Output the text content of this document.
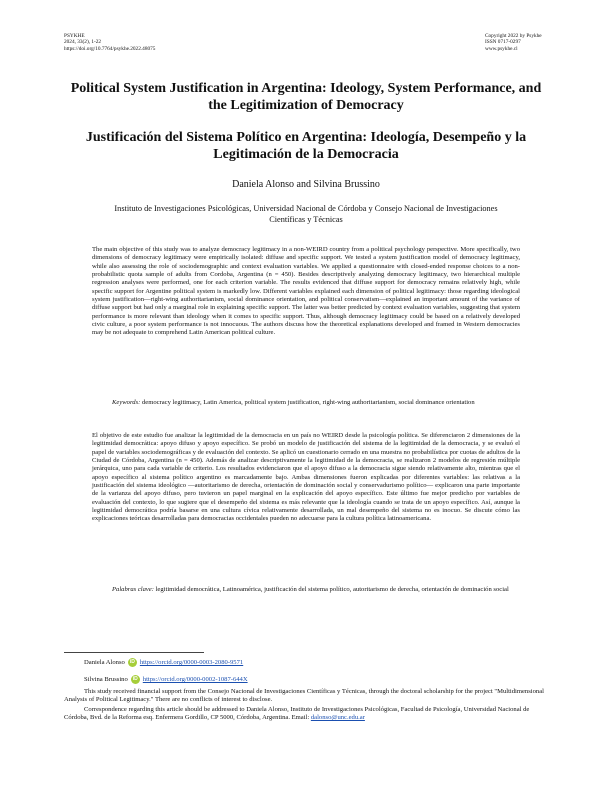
PSYKHE
2024, 33(2), 1-22
https://doi.org/10.7764/psykhe.2022.48075
Copyright 2022 by Psykhe
ISSN 0717-0297
www.psykhe.cl
Political System Justification in Argentina: Ideology, System Performance, and the Legitimization of Democracy
Justificación del Sistema Político en Argentina: Ideología, Desempeño y la Legitimación de la Democracia
Daniela Alonso and Silvina Brussino
Instituto de Investigaciones Psicológicas, Universidad Nacional de Córdoba y Consejo Nacional de Investigaciones Científicas y Técnicas

The main objective of this study was to analyze democracy legitimacy in a non-WEIRD country from a political psychology perspective. More specifically, two dimensions of democracy legitimacy were empirically isolated: diffuse and specific support. We tested a system justification model of democracy legitimacy, while also assessing the role of sociodemographic and context evaluation variables. We applied a questionnaire with closed-ended response choices to a non-probabilistic quota sample of adults from Cordoba, Argentina (n = 450). Besides descriptively analyzing democracy legitimacy, two hierarchical multiple regression analyses were performed, one for each criterion variable. The results evidenced that diffuse support for democracy remains relatively high, while specific support for Argentine political system is markedly low. Different variables explained each dimension of political legitimacy: those regarding ideological system justification—right-wing authoritarianism, social dominance orientation, and political conservatism—explained an important amount of the variance of diffuse support but had only a marginal role in explaining specific support. The latter was better predicted by context evaluation variables, suggesting that system performance is more relevant than ideology when it comes to specific support. Thus, although democracy legitimacy could be based on a relatively developed civic culture, a poor system performance is not innocuous. The authors discuss how the theoretical explanations developed and framed in Western democracies may be not adequate to comprehend Latin American political culture.

Keywords: democracy legitimacy, Latin America, political system justification, right-wing authoritarianism, social dominance orientation

El objetivo de este estudio fue analizar la legitimidad de la democracia en un país no WEIRD desde la psicología política. Se diferenciaron 2 dimensiones de la legitimidad democrática: apoyo difuso y apoyo específico. Se probó un modelo de justificación del sistema de la legitimidad de la democracia, y se evaluó el papel de variables sociodemográficas y de evaluación del contexto. Se aplicó un cuestionario cerrado en una muestra no probabilística por cuotas de adultos de la Ciudad de Córdoba, Argentina (n = 450). Además de analizar descriptivamente la legitimidad de la democracia, se realizaron 2 modelos de regresión múltiple jerárquica, uno para cada variable de criterio. Los resultados evidenciaron que el apoyo difuso a la democracia sigue siendo relativamente alto, mientras que el apoyo específico al sistema político argentino es marcadamente bajo. Ambas dimensiones fueron explicadas por diferentes variables: las relativas a la justificación del sistema ideológico —autoritarismo de derecha, orientación de dominación social y conservadurismo político— explicaron una parte importante de la varianza del apoyo difuso, pero tuvieron un papel marginal en la explicación del apoyo específico. Este último fue mejor predicho por variables de evaluación del contexto, lo que sugiere que el desempeño del sistema es más relevante que la ideología cuando se trata de un apoyo específico. Así, aunque la legitimidad democrática podría basarse en una cultura cívica relativamente desarrollada, un mal desempeño del sistema no es inocuo. Se discute cómo las explicaciones teóricas desarrolladas para democracias occidentales pueden no adecuarse para la cultura política latinoamericana.

Palabras clave: legitimidad democrática, Latinoamérica, justificación del sistema político, autoritarismo de derecha, orientación de dominación social

Daniela Alonso iD https://orcid.org/0000-0003-2080-9571

Silvina Brussino iD https://orcid.org/0000-0002-1087-644X

This study received financial support from the Consejo Nacional de Investigaciones Científicas y Técnicas, through the doctoral scholarship for the project "Multidimensional Analysis of Political Legitimacy." There are no conflicts of interest to disclose.

Correspondence regarding this article should be addressed to Daniela Alonso, Instituto de Investigaciones Psicológicas, Facultad de Psicología, Universidad Nacional de Córdoba, Bvd. de la Reforma esq. Enfermera Gordillo, CP 5000, Córdoba, Argentina. Email: dalonso@unc.edu.ar
